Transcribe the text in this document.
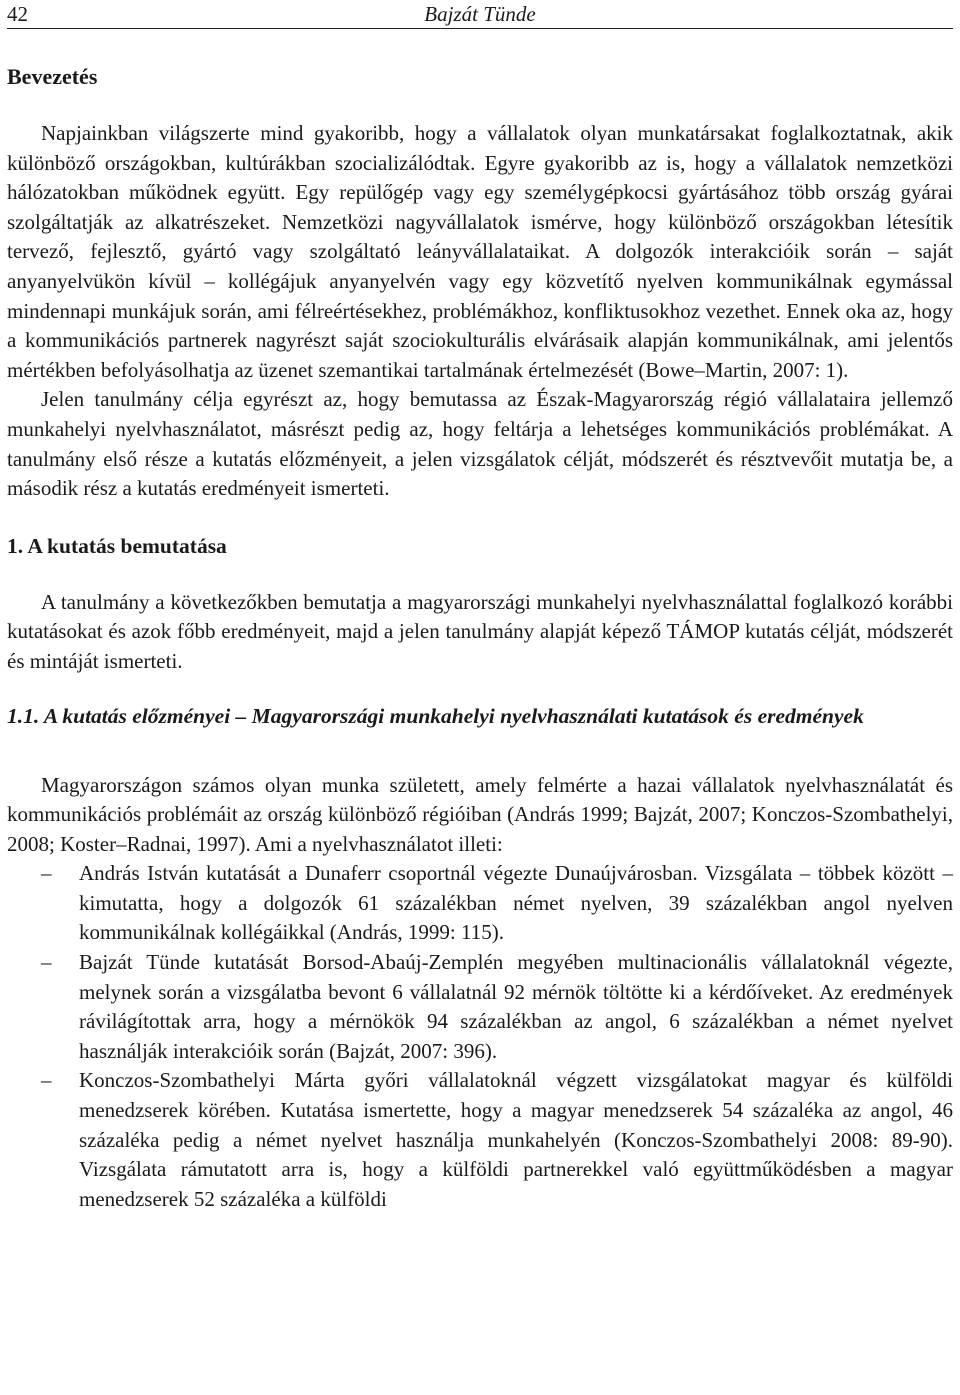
42	Bajzát Tünde
Bevezetés

Napjainkban világszerte mind gyakoribb, hogy a vállalatok olyan munkatársakat foglalkoztatnak, akik különböző országokban, kultúrákban szocializálódtak. Egyre gyakoribb az is, hogy a vállalatok nemzetközi hálózatokban működnek együtt. Egy repülőgép vagy egy személygépkocsi gyártásához több ország gyárai szolgáltatják az alkatrészeket. Nemzetközi nagyvállalatok ismérve, hogy különböző országokban létesítik tervező, fejlesztő, gyártó vagy szolgáltató leányvállalataikat. A dolgozók interakcióik során – saját anyanyelvükön kívül – kollégájuk anyanyelvén vagy egy közvetítő nyelven kommunikálnak egymással mindennapi munkájuk során, ami félreértésekhez, problémákhoz, konfliktusokhoz vezethet. Ennek oka az, hogy a kommunikációs partnerek nagyrészt saját szociokulturális elvárásaik alapján kommunikálnak, ami jelentős mértékben befolyásolhatja az üzenet szemantikai tartalmának értelmezését (Bowe–Martin, 2007: 1).

Jelen tanulmány célja egyrészt az, hogy bemutassa az Észak-Magyarország régió vállalataira jellemző munkahelyi nyelvhasználatot, másrészt pedig az, hogy feltárja a lehetséges kommunikációs problémákat. A tanulmány első része a kutatás előzményeit, a jelen vizsgálatok célját, módszerét és résztvevőit mutatja be, a második rész a kutatás eredményeit ismerteti.

1. A kutatás bemutatása

A tanulmány a következőkben bemutatja a magyarországi munkahelyi nyelvhasználattal foglalkozó korábbi kutatásokat és azok főbb eredményeit, majd a jelen tanulmány alapját képező TÁMOP kutatás célját, módszerét és mintáját ismerteti.

1.1. A kutatás előzményei – Magyarországi munkahelyi nyelvhasználati kutatások és eredmények

Magyarországon számos olyan munka született, amely felmérte a hazai vállalatok nyelvhasználatát és kommunikációs problémáit az ország különböző régióiban (András 1999; Bajzát, 2007; Konczos-Szombathelyi, 2008; Koster–Radnai, 1997). Ami a nyelvhasználatot illeti:

– András István kutatását a Dunaferr csoportnál végezte Dunaújvárosban. Vizsgálata – többek között – kimutatta, hogy a dolgozók 61 százalékban német nyelven, 39 százalékban angol nyelven kommunikálnak kollégáikkal (András, 1999: 115).
– Bajzát Tünde kutatását Borsod-Abaúj-Zemplén megyében multinacionális vállalatoknál végezte, melynek során a vizsgálatba bevont 6 vállalatnál 92 mérnök töltötte ki a kérdőíveket. Az eredmények rávilágítottak arra, hogy a mérnökök 94 százalékban az angol, 6 százalékban a német nyelvet használják interakcióik során (Bajzát, 2007: 396).
– Konczos-Szombathelyi Márta győri vállalatoknál végzett vizsgálatokat magyar és külföldi menedzserek körében. Kutatása ismertette, hogy a magyar menedzserek 54 százaléka az angol, 46 százaléka pedig a német nyelvet használja munkahelyén (Konczos-Szombathelyi 2008: 89-90). Vizsgálata rámutatott arra is, hogy a külföldi partnerekkel való együttműködésben a magyar menedzserek 52 százaléka a külföldi
